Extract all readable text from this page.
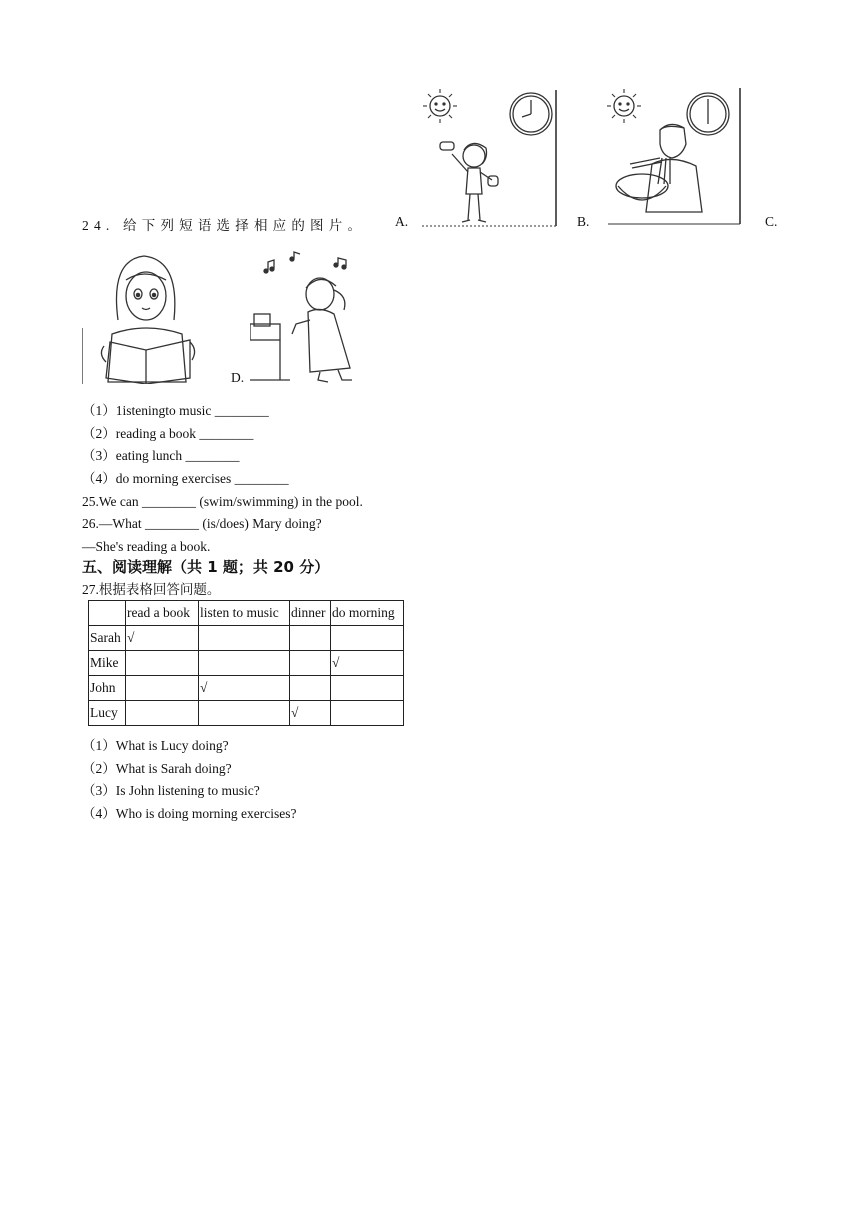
24. 给下列短语选择相应的图片。 A.	B.	C.
D.
（1）1isteningto music ________
（2）reading a book ________
（3）eating lunch ________
（4）do morning exercises ________
25.We can ________ (swim/swimming) in the pool.
26.—What ________ (is/does) Mary doing?
—She's reading a book.
五、阅读理解（共 1 题；共 20 分）
27.根据表格回答问题。
	read a book	listen to music	dinner	do morning
Sarah	√			
Mike				√
John		√		
Lucy			√	
（1）What is Lucy doing?
（2）What is Sarah doing?
（3）Is John listening to music?
（4）Who is doing morning exercises?
